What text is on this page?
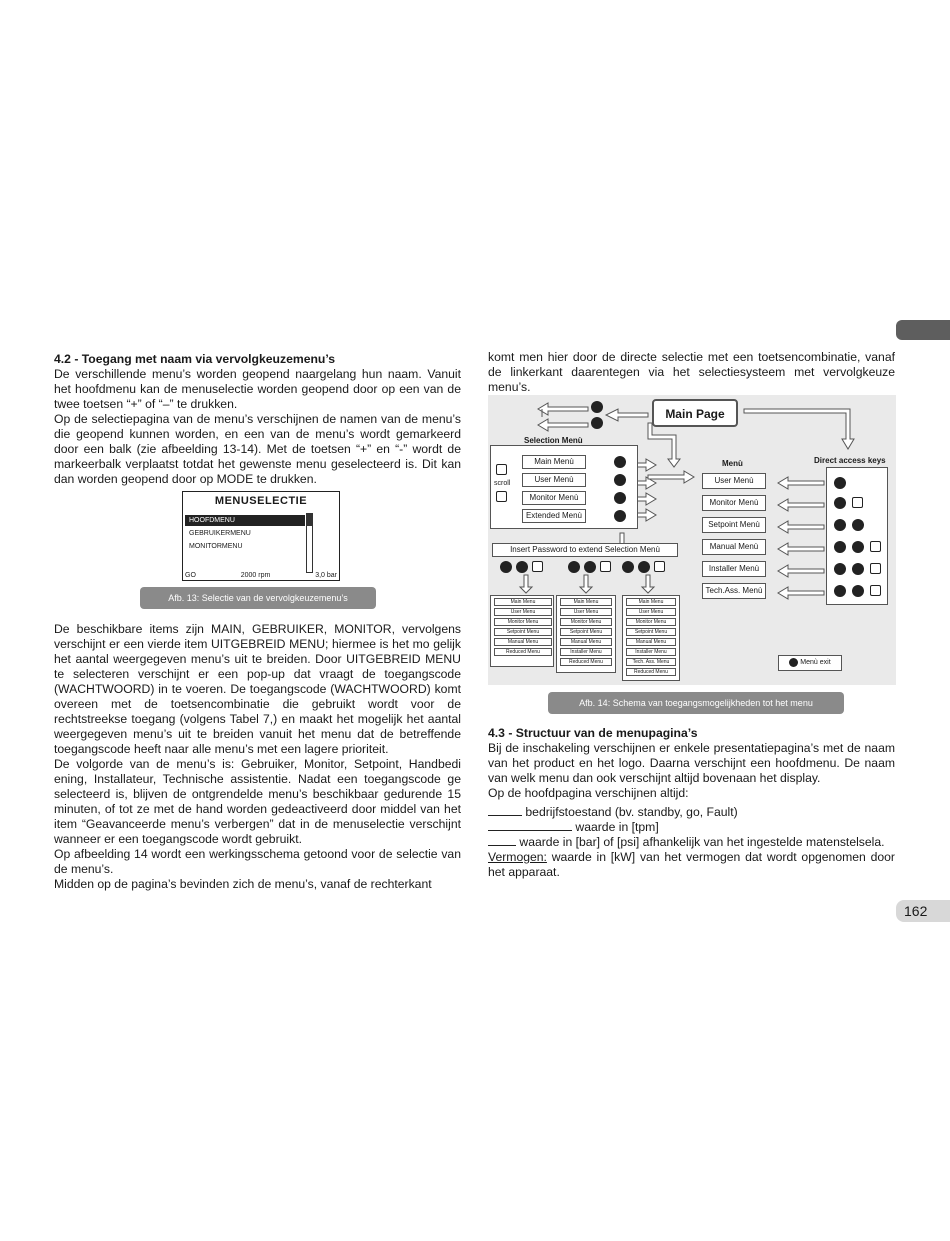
162

4.2 - Toegang met naam via vervolgkeuzemenu’s

De verschillende menu’s worden geopend naargelang hun naam. Vanuit het hoofdmenu kan de menuselectie worden geopend door op een van de twee toetsen “+” of “–” te drukken.

Op de selectiepagina van de menu’s verschijnen de namen van de menu’s die geopend kunnen worden, en een van de menu’s wordt gemarkeerd door een balk (zie afbeelding 13-14). Met de toetsen “+” en “-” wordt de markeerbalk verplaatst totdat het gewenste menu geselecteerd is. Dit kan dan worden geopend door op MODE te drukken.

MENUSELECTIE
HOOFDMENU
GEBRUIKERMENU
MONITORMENU
GO	2000 rpm	3,0 bar
Afb. 13: Selectie van de vervolgkeuzemenu’s

De beschikbare items zijn MAIN, GEBRUIKER, MONITOR, vervolgens verschijnt er een vierde item UITGEBREID MENU; hiermee is het mo gelijk het aantal weergegeven menu’s uit te breiden. Door UITGEBREID MENU te selecteren verschijnt er een pop-up dat vraagt de toegangscode (WACHTWOORD) in te voeren. De toegangscode (WACHTWOORD) komt overeen met de toetsencombinatie die gebruikt wordt voor de rechtstreekse toegang (volgens Tabel 7,) en maakt het mogelijk het aantal weergegeven menu’s uit te breiden vanuit het menu dat de betreffende toegangscode heeft naar alle menu’s met een lagere prioriteit.

De volgorde van de menu’s is: Gebruiker, Monitor, Setpoint, Handbedi ening, Installateur, Technische assistentie. Nadat een toegangscode ge selecteerd is, blijven de ontgrendelde menu’s beschikbaar gedurende 15 minuten, of tot ze met de hand worden gedeactiveerd door middel van het item “Geavanceerde menu’s verbergen” dat in de menuselectie verschijnt wanneer er een toegangscode wordt gebruikt.

Op afbeelding 14 wordt een werkingsschema getoond voor de selectie van de menu’s.

Midden op de pagina’s bevinden zich de menu’s, vanaf de rechterkant

komt men hier door de directe selectie met een toetsencombinatie, vanaf de linkerkant daarentegen via het selectiesysteem met vervolgkeuze menu’s.

Main Page
Selection Menù
scroll
Main Menù
User Menù
Monitor Menù
Extended Menù
Menù
User Menù
Monitor Menù
Setpoint Menù
Manual Menù
Installer Menù
Tech.Ass. Menù
Direct access keys
Insert Password to extend Selection Menù
Main Menu
User Menu
Monitor Menu
Setpoint Menu
Manual Menu
Reduced Menu
Main Menu
User Menu
Monitor Menu
Setpoint Menu
Manual Menu
Installer Menu
Reduced Menu
Main Menu
User Menu
Monitor Menu
Setpoint Menu
Manual Menu
Installer Menu
Tech. Ass. Menu
Reduced Menu
Menù exit
Afb. 14: Schema van toegangsmogelijkheden tot het menu

4.3 - Structuur van de menupagina’s

Bij de inschakeling verschijnen er enkele presentatiepagina’s met de naam van het product en het logo. Daarna verschijnt een hoofdmenu. De naam van welk menu dan ook verschijnt altijd bovenaan het display.

Op de hoofdpagina verschijnen altijd:

bedrijfstoestand (bv. standby, go, Fault)

waarde in [tpm]

waarde in [bar] of [psi] afhankelijk van het ingestelde matenstelsela.

Vermogen: waarde in [kW] van het vermogen dat wordt opgenomen door het apparaat.
